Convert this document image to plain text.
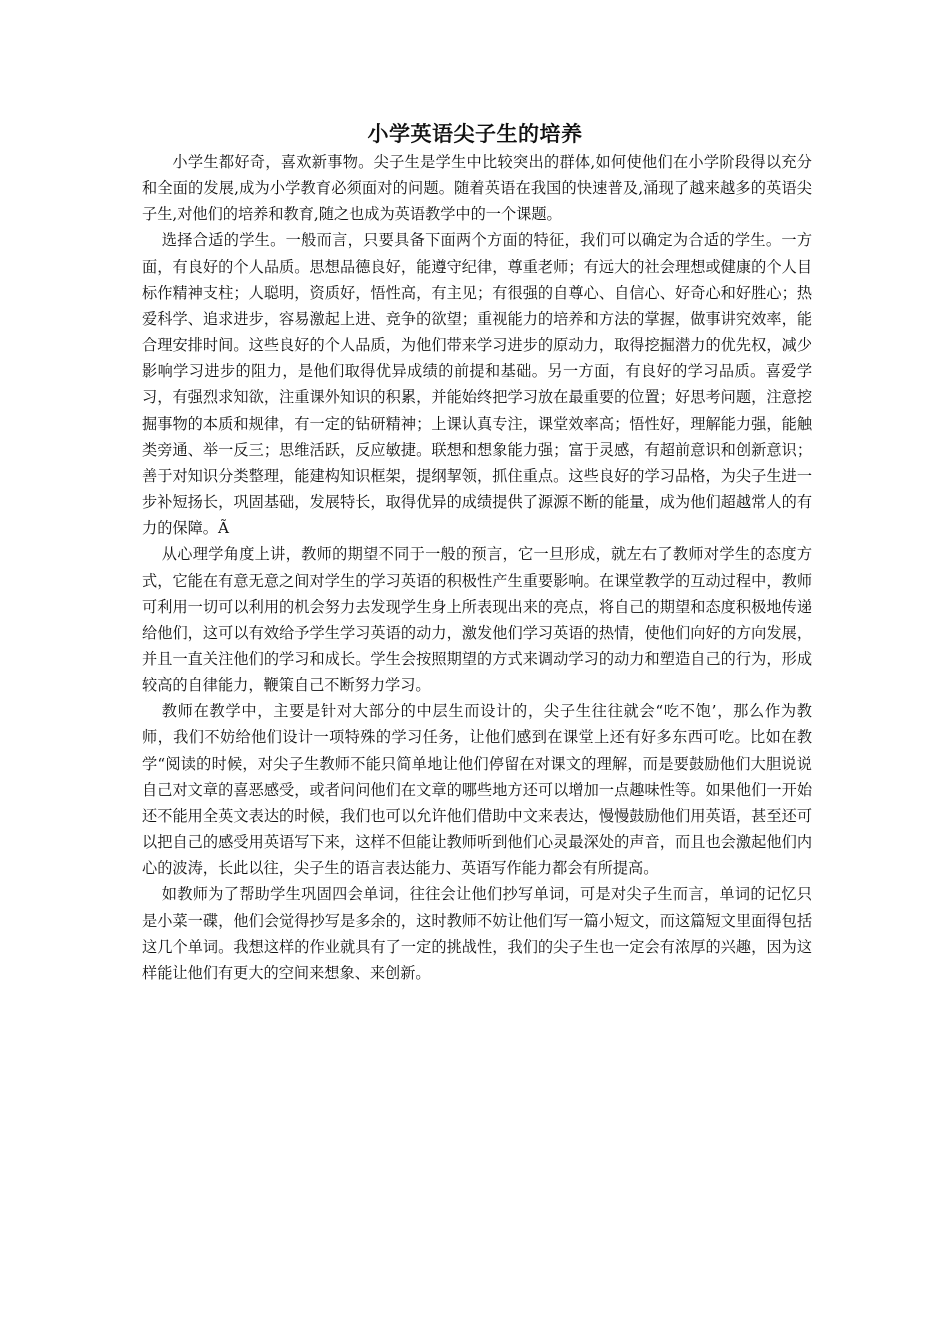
小学英语尖子生的培养

小学生都好奇，喜欢新事物。尖子生是学生中比较突出的群体,如何使他们在小学阶段得以充分和全面的发展,成为小学教育必须面对的问题。随着英语在我国的快速普及,涌现了越来越多的英语尖子生,对他们的培养和教育,随之也成为英语教学中的一个课题。

选择合适的学生。一般而言，只要具备下面两个方面的特征，我们可以确定为合适的学生。一方面，有良好的个人品质。思想品德良好，能遵守纪律，尊重老师；有远大的社会理想或健康的个人目标作精神支柱；人聪明，资质好，悟性高，有主见；有很强的自尊心、自信心、好奇心和好胜心；热爱科学、追求进步，容易激起上进、竞争的欲望；重视能力的培养和方法的掌握，做事讲究效率，能合理安排时间。这些良好的个人品质，为他们带来学习进步的原动力，取得挖掘潜力的优先权，减少影响学习进步的阻力，是他们取得优异成绩的前提和基础。另一方面，有良好的学习品质。喜爱学习，有强烈求知欲，注重课外知识的积累，并能始终把学习放在最重要的位置；好思考问题，注意挖掘事物的本质和规律，有一定的钻研精神；上课认真专注，课堂效率高；悟性好，理解能力强，能触类旁通、举一反三；思维活跃，反应敏捷。联想和想象能力强；富于灵感，有超前意识和创新意识；善于对知识分类整理，能建构知识框架，提纲挈领，抓住重点。这些良好的学习品格，为尖子生进一步补短扬长，巩固基础，发展特长，取得优异的成绩提供了源源不断的能量，成为他们超越常人的有力的保障。Ã

从心理学角度上讲，教师的期望不同于一般的预言，它一旦形成，就左右了教师对学生的态度方式，它能在有意无意之间对学生的学习英语的积极性产生重要影响。在课堂教学的互动过程中，教师可利用一切可以利用的机会努力去发现学生身上所表现出来的亮点，将自己的期望和态度积极地传递给他们，这可以有效给予学生学习英语的动力，激发他们学习英语的热情，使他们向好的方向发展，并且一直关注他们的学习和成长。学生会按照期望的方式来调动学习的动力和塑造自己的行为，形成较高的自律能力，鞭策自己不断努力学习。

教师在教学中，主要是针对大部分的中层生而设计的，尖子生往往就会“吃不饱’，那么作为教师，我们不妨给他们设计一项特殊的学习任务，让他们感到在课堂上还有好多东西可吃。比如在教学“阅读的时候，对尖子生教师不能只简单地让他们停留在对课文的理解，而是要鼓励他们大胆说说自己对文章的喜恶感受，或者问问他们在文章的哪些地方还可以增加一点趣味性等。如果他们一开始还不能用全英文表达的时候，我们也可以允许他们借助中文来表达，慢慢鼓励他们用英语，甚至还可以把自己的感受用英语写下来，这样不但能让教师听到他们心灵最深处的声音，而且也会激起他们内心的波涛，长此以往，尖子生的语言表达能力、英语写作能力都会有所提高。

如教师为了帮助学生巩固四会单词，往往会让他们抄写单词，可是对尖子生而言，单词的记忆只是小菜一碟，他们会觉得抄写是多余的，这时教师不妨让他们写一篇小短文，而这篇短文里面得包括这几个单词。我想这样的作业就具有了一定的挑战性，我们的尖子生也一定会有浓厚的兴趣，因为这样能让他们有更大的空间来想象、来创新。
